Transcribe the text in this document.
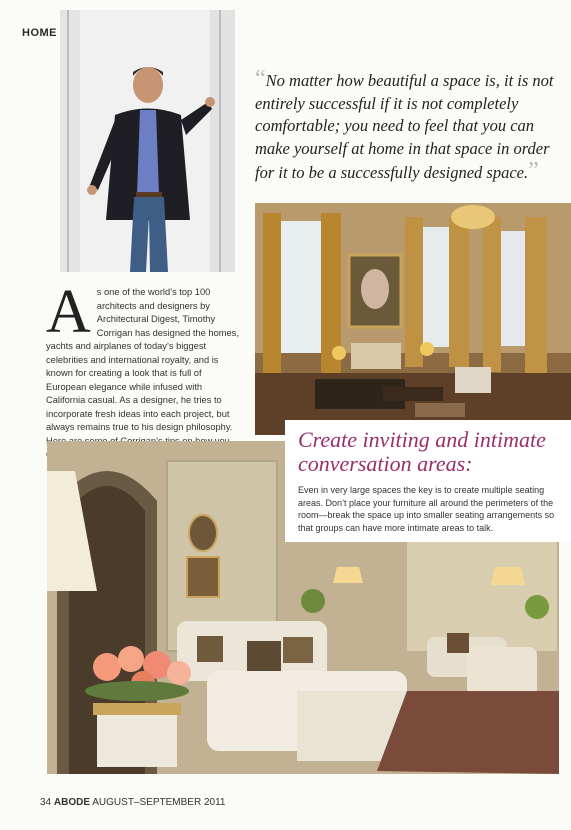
HOME
“No matter how beautiful a space is, it is not entirely successful if it is not completely comfortable; you need to feel that you can make yourself at home in that space in order for it to be a successfully designed space.”
As one of the world’s top 100 architects and designers by Architectural Digest, Timothy Corrigan has designed the homes, yachts and airplanes of today’s biggest celebrities and international royalty, and is known for creating a look that is full of European elegance while infused with California casual. As a designer, he tries to incorporate fresh ideas into each project, but always remains true to his design philosophy.	Create inviting and intimate conversation areas:
Even in very large spaces the key is to create multiple seating areas. Don’t place your furniture all around the perimeters of the room—break the space up into smaller seating arrangements so that groups can have more intimate areas to talk.
34 ABODE AUGUST–SEPTEMBER 2011
